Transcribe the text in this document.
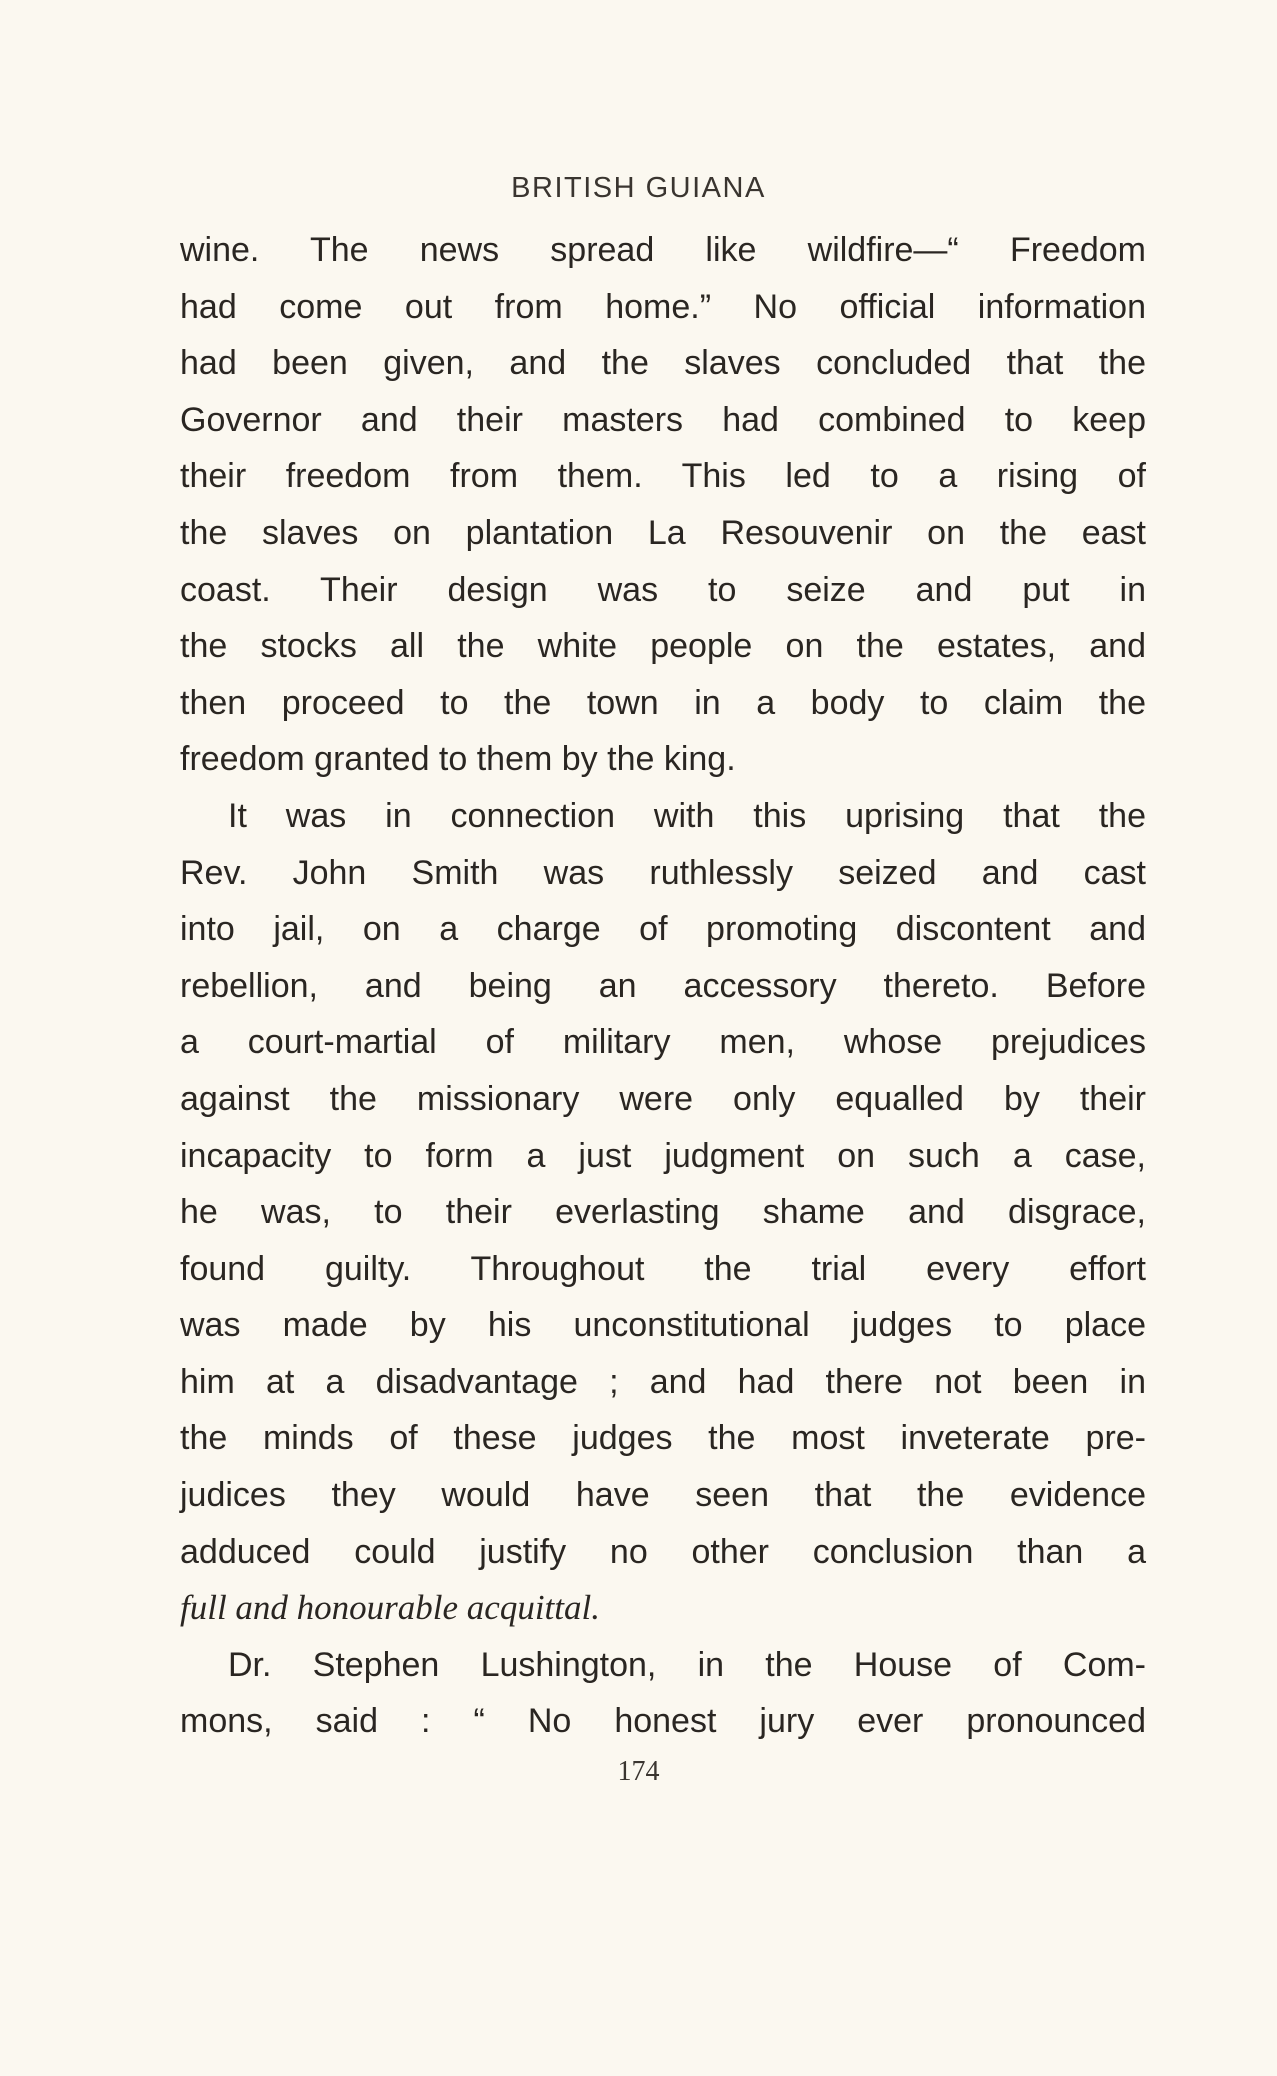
BRITISH GUIANA
wine. The news spread like wildfire—“ Freedom
had come out from home.” No official information
had been given, and the slaves concluded that the
Governor and their masters had combined to keep
their freedom from them. This led to a rising of
the slaves on plantation La Resouvenir on the east
coast. Their design was to seize and put in
the stocks all the white people on the estates, and
then proceed to the town in a body to claim the
freedom granted to them by the king.
It was in connection with this uprising that the
Rev. John Smith was ruthlessly seized and cast
into jail, on a charge of promoting discontent and
rebellion, and being an accessory thereto. Before
a court-martial of military men, whose prejudices
against the missionary were only equalled by their
incapacity to form a just judgment on such a case,
he was, to their everlasting shame and disgrace,
found guilty. Throughout the trial every effort
was made by his unconstitutional judges to place
him at a disadvantage ; and had there not been in
the minds of these judges the most inveterate pre-
judices they would have seen that the evidence
adduced could justify no other conclusion than a
full and honourable acquittal.
Dr. Stephen Lushington, in the House of Com-
mons, said : “ No honest jury ever pronounced
174
